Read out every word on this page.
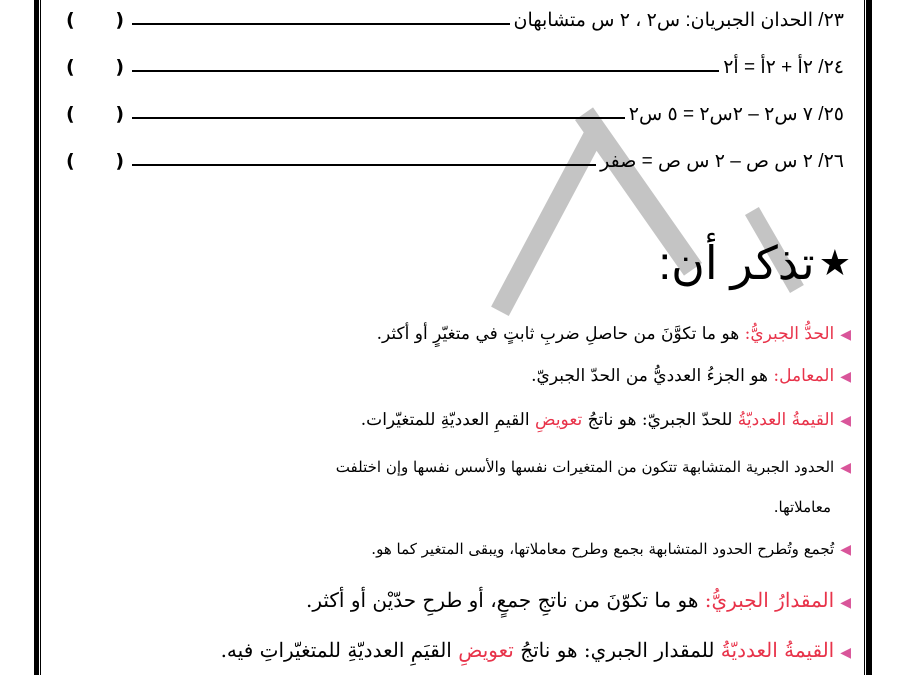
٢٣/ الحدان الجبريان: س٢ ، ٢ س متشابهان
( )
٢٤/ ٢أ + ٢أ = أ٢
( )
٢٥/ ٧ س٢ – ٢س٢ = ٥ س٢
( )
٢٦/ ٢ س ص – ٢ س ص = صفر
( )
★
تذكر أن:
◀الحدُّ الجبريُّ: هو ما تكوَّنَ من حاصلِ ضربِ ثابتٍ في متغيّرٍ أو أكثر.
◀المعامل: هو الجزءُ العدديُّ من الحدّ الجبريّ.
◀القيمةُ العدديّةُ للحدّ الجبريّ: هو ناتجُ تعويضِ القيمِ العدديّةِ للمتغيّرات.
◀الحدود الجبرية المتشابهة تتكون من المتغيرات نفسها والأسس نفسها وإن اختلفت
معاملاتها.
◀تُجمع وتُطرح الحدود المتشابهة بجمع وطرح معاملاتها، ويبقى المتغير كما هو.
◀المقدارُ الجبريُّ: هو ما تكوّنَ من ناتجِ جمعٍ، أو طرحِ حدّيْن أو أكثر.
◀القيمةُ العدديّةُ للمقدار الجبري: هو ناتجُ تعويضِ القيَمِ العدديّةِ للمتغيّراتِ فيه.
